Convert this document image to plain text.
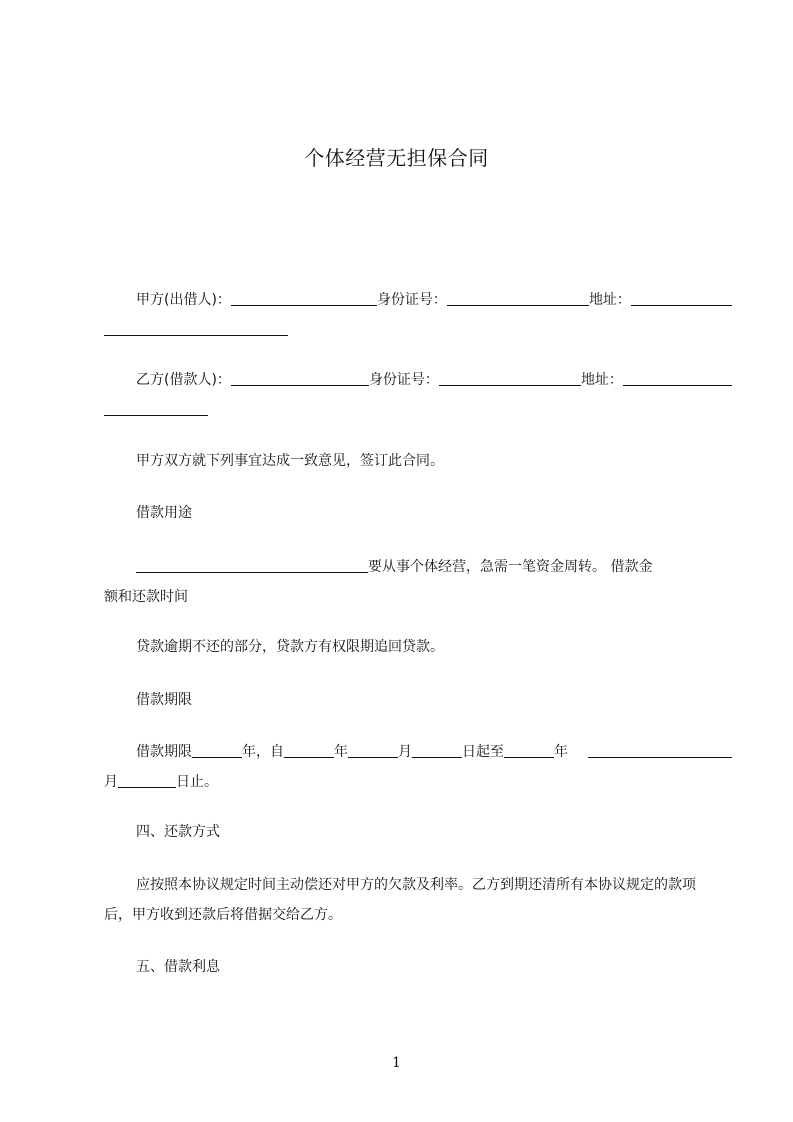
个体经营无担保合同
甲方(出借人)：	身份证号：	地址：
乙方(借款人)：	身份证号：	地址：

甲方双方就下列事宜达成一致意见，签订此合同。

借款用途

要从事个体经营，急需一笔资金周转。 借款金
额和还款时间

贷款逾期不还的部分，贷款方有权限期追回贷款。

借款期限

借款期限	年，自	年	月	日起至	年
月	日止。

四、还款方式

应按照本协议规定时间主动偿还对甲方的欠款及利率。乙方到期还清所有本协议规定的款项后，甲方收到还款后将借据交给乙方。

五、借款利息

1
